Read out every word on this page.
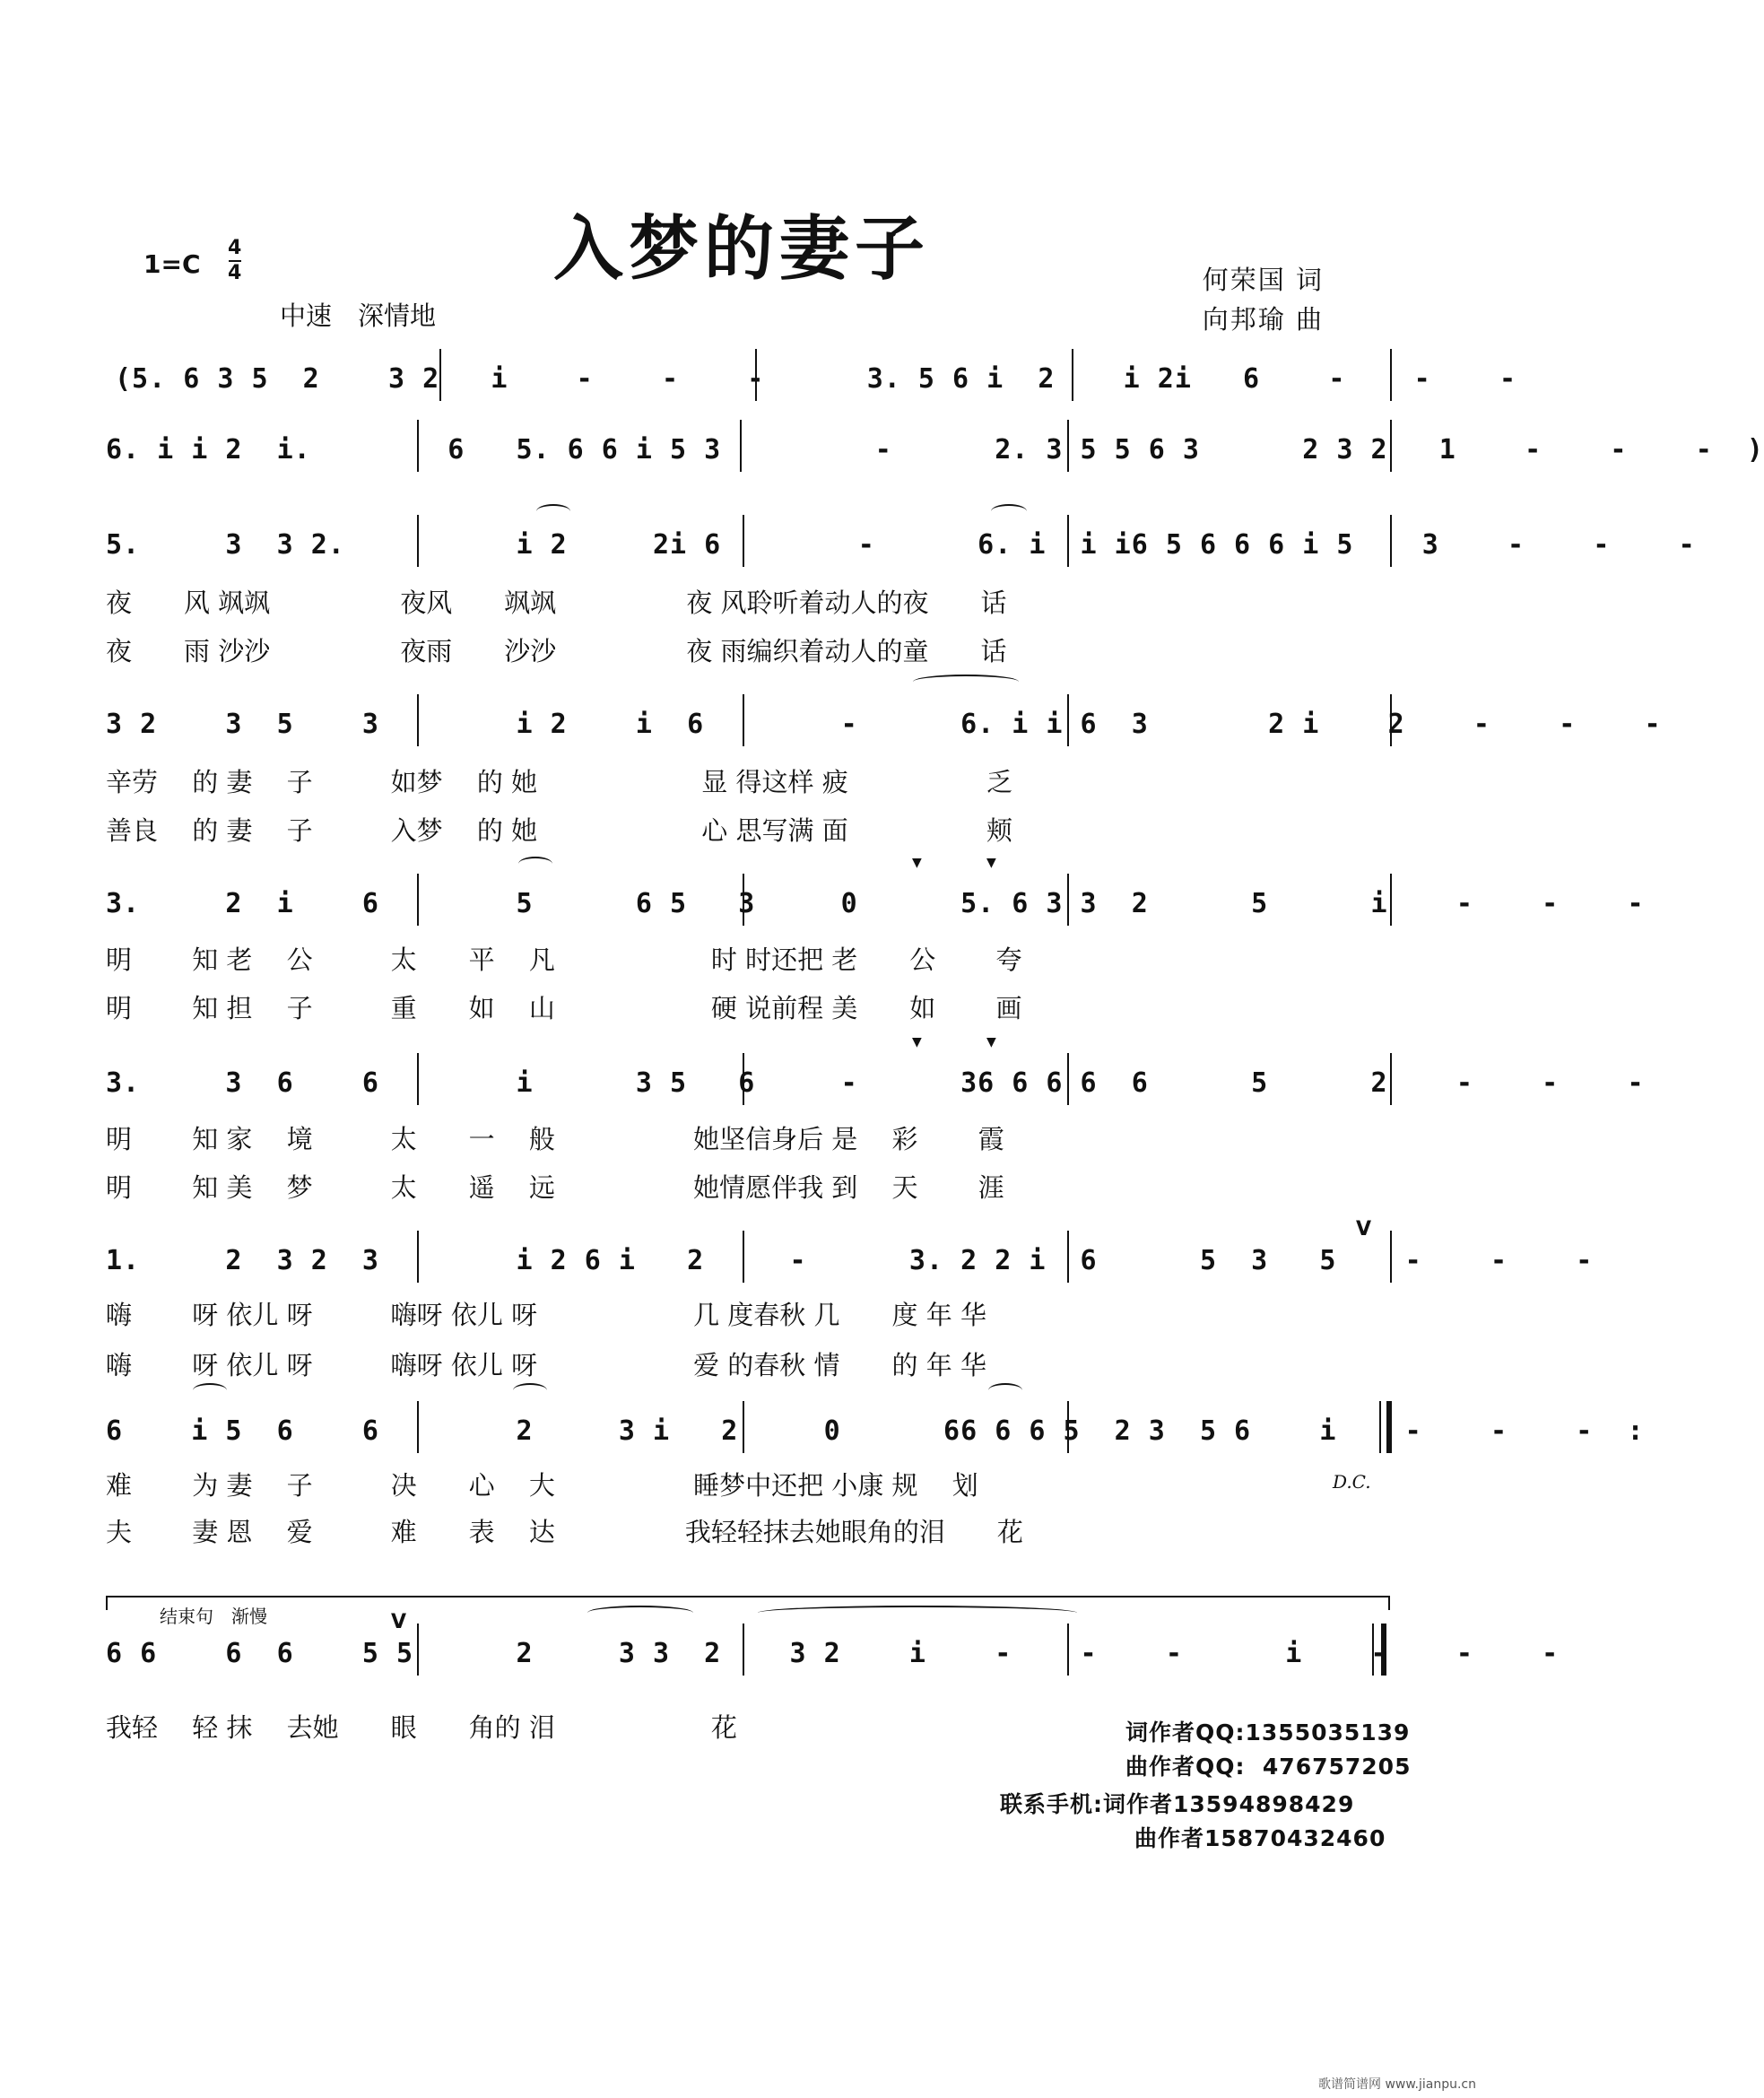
入梦的妻子
1=C
4
4
中速　深情地
何荣国 词
向邦瑜 曲
(5. 6 3 5  2    3 2   i    -    -    -      3. 5 6 i  2    i 2i   6    -    -    -
6. i i 2  i.        6   5. 6 6 i 5 3         -      2. 3 5 5 6 3      2 3 2   1    -    -    -  )
5.     3  3 2.          i 2     2i 6        -      6. i  i i6 5 6 6 6 i 5    3    -    -    -
夜　　风 飒飒　　　　　夜风　　飒飒　　　　　夜 风聆听着动人的夜　　话
夜　　雨 沙沙　　　　　夜雨　　沙沙　　　　　夜 雨编织着动人的童　　话
3 2    3  5    3        i 2    i  6        -      6. i i 6  3       2 i    2    -    -    -
辛劳　 的 妻　 子　　　如梦　 的 她　　　　　　 显 得这样 疲　　　　　 乏
善良　 的 妻　 子　　　入梦　 的 她　　　　　　 心 思写满 面　　　　　 颊
▼	▼
3.     2  i    6        5      6 5   3     0      5. 6 3 3  2      5      i    -    -    -
明　　 知 老　 公　　　太　　平　 凡　　　　　　时 时还把 老　　公　　 夸
明　　 知 担　 子　　　重　　如　 山　　　　　　硬 说前程 美　　如　　 画
▼	▼
3.     3  6    6        i      3 5   6     -      36 6 6 6  6      5      2    -    -    -
明　　 知 家　 境　　　太　　一　 般　　　　　 她坚信身后 是　 彩　　 霞
明　　 知 美　 梦　　　太　　遥　 远　　　　　 她情愿伴我 到　 天　　 涯
V
1.     2  3 2  3        i 2 6 i   2     -      3. 2 2 i  6      5  3   5    -    -    -
嗨　　 呀 依儿 呀　　　嗨呀 依儿 呀　　　　　　几 度春秋 几　　度 年 华
嗨　　 呀 依儿 呀　　　嗨呀 依儿 呀　　　　　　爱 的春秋 情　　的 年 华
6    i 5  6    6        2     3 i   2     0      66 6 6 5  2 3  5 6    i    -    -    -  :
D.C.
难　　 为 妻　 子　　　决　　心　 大　　　　　 睡梦中还把 小康 规　 划
夫　　 妻 恩　 爱　　　难　　表　 达　　　　　我轻轻抹去她眼角的泪　　花
结束句　渐慢	V
6 6    6  6    5 5      2     3 3  2    3 2    i    -    -    -      i    -    -    -
我轻　 轻 抹　 去她　　眼　　角的 泪　　　　　　花	词作者QQ:1355035139
曲作者QQ:  476757205
联系手机:词作者13594898429
曲作者15870432460
歌谱简谱网 www.jianpu.cn
